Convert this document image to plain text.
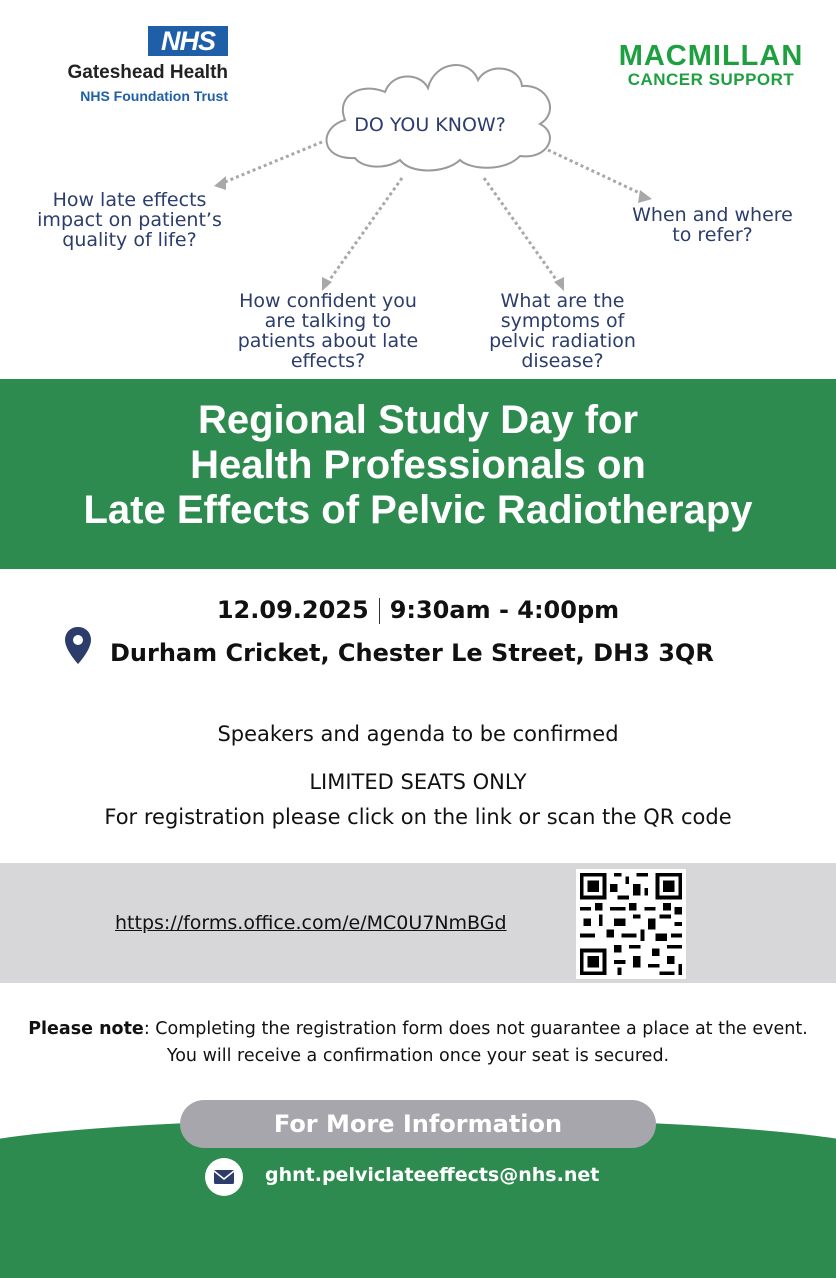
NHS
Gateshead Health
NHS Foundation Trust
MACMILLAN
CANCER SUPPORT
DO YOU KNOW?
How late effects impact on patient’s quality of life?
When and where to refer?
How confident you are talking to patients about late effects?
What are the symptoms of pelvic radiation disease?
Regional Study Day for
Health Professionals on
Late Effects of Pelvic Radiotherapy
12.09.2025 9:30am - 4:00pm
Durham Cricket, Chester Le Street, DH3 3QR
Speakers and agenda to be confirmed
LIMITED SEATS ONLY
For registration please click on the link or scan the QR code
https://forms.office.com/e/MC0U7NmBGd
Please note: Completing the registration form does not guarantee a place at the event.
You will receive a confirmation once your seat is secured.
For More Information
ghnt.pelviclateeffects@nhs.net
